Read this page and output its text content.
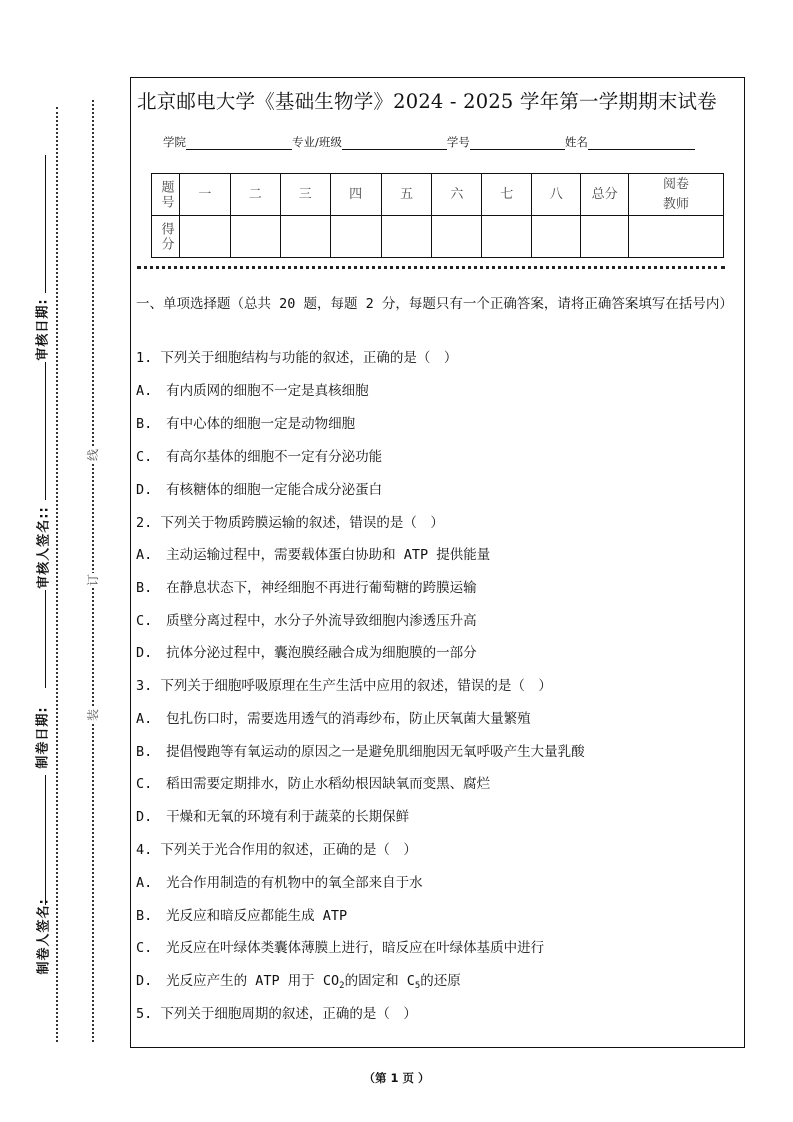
审核日期:
审核人签名::
制卷日期:
制卷人签名:
线
订
装
北京邮电大学《基础生物学》2024 - 2025 学年第一学期期末试卷
学院	专业/班级	学号	姓名
题号	一	二	三	四	五	六	七	八	总分	阅卷教师
得分										
一、单项选择题（总共 20 题，每题 2 分，每题只有一个正确答案，请将正确答案填写在括号内）
1. 下列关于细胞结构与功能的叙述，正确的是（　）
A. 有内质网的细胞不一定是真核细胞
B. 有中心体的细胞一定是动物细胞
C. 有高尔基体的细胞不一定有分泌功能
D. 有核糖体的细胞一定能合成分泌蛋白
2. 下列关于物质跨膜运输的叙述，错误的是（　）
A. 主动运输过程中，需要载体蛋白协助和 ATP 提供能量
B. 在静息状态下，神经细胞不再进行葡萄糖的跨膜运输
C. 质壁分离过程中，水分子外流导致细胞内渗透压升高
D. 抗体分泌过程中，囊泡膜经融合成为细胞膜的一部分
3. 下列关于细胞呼吸原理在生产生活中应用的叙述，错误的是（　）
A. 包扎伤口时，需要选用透气的消毒纱布，防止厌氧菌大量繁殖
B. 提倡慢跑等有氧运动的原因之一是避免肌细胞因无氧呼吸产生大量乳酸
C. 稻田需要定期排水，防止水稻幼根因缺氧而变黑、腐烂
D. 干燥和无氧的环境有利于蔬菜的长期保鲜
4. 下列关于光合作用的叙述，正确的是（　）
A. 光合作用制造的有机物中的氧全部来自于水
B. 光反应和暗反应都能生成 ATP
C. 光反应在叶绿体类囊体薄膜上进行，暗反应在叶绿体基质中进行
D. 光反应产生的 ATP 用于 $CO_2$的固定和 $C_5$的还原
5. 下列关于细胞周期的叙述，正确的是（　）
（第 1 页 ）
